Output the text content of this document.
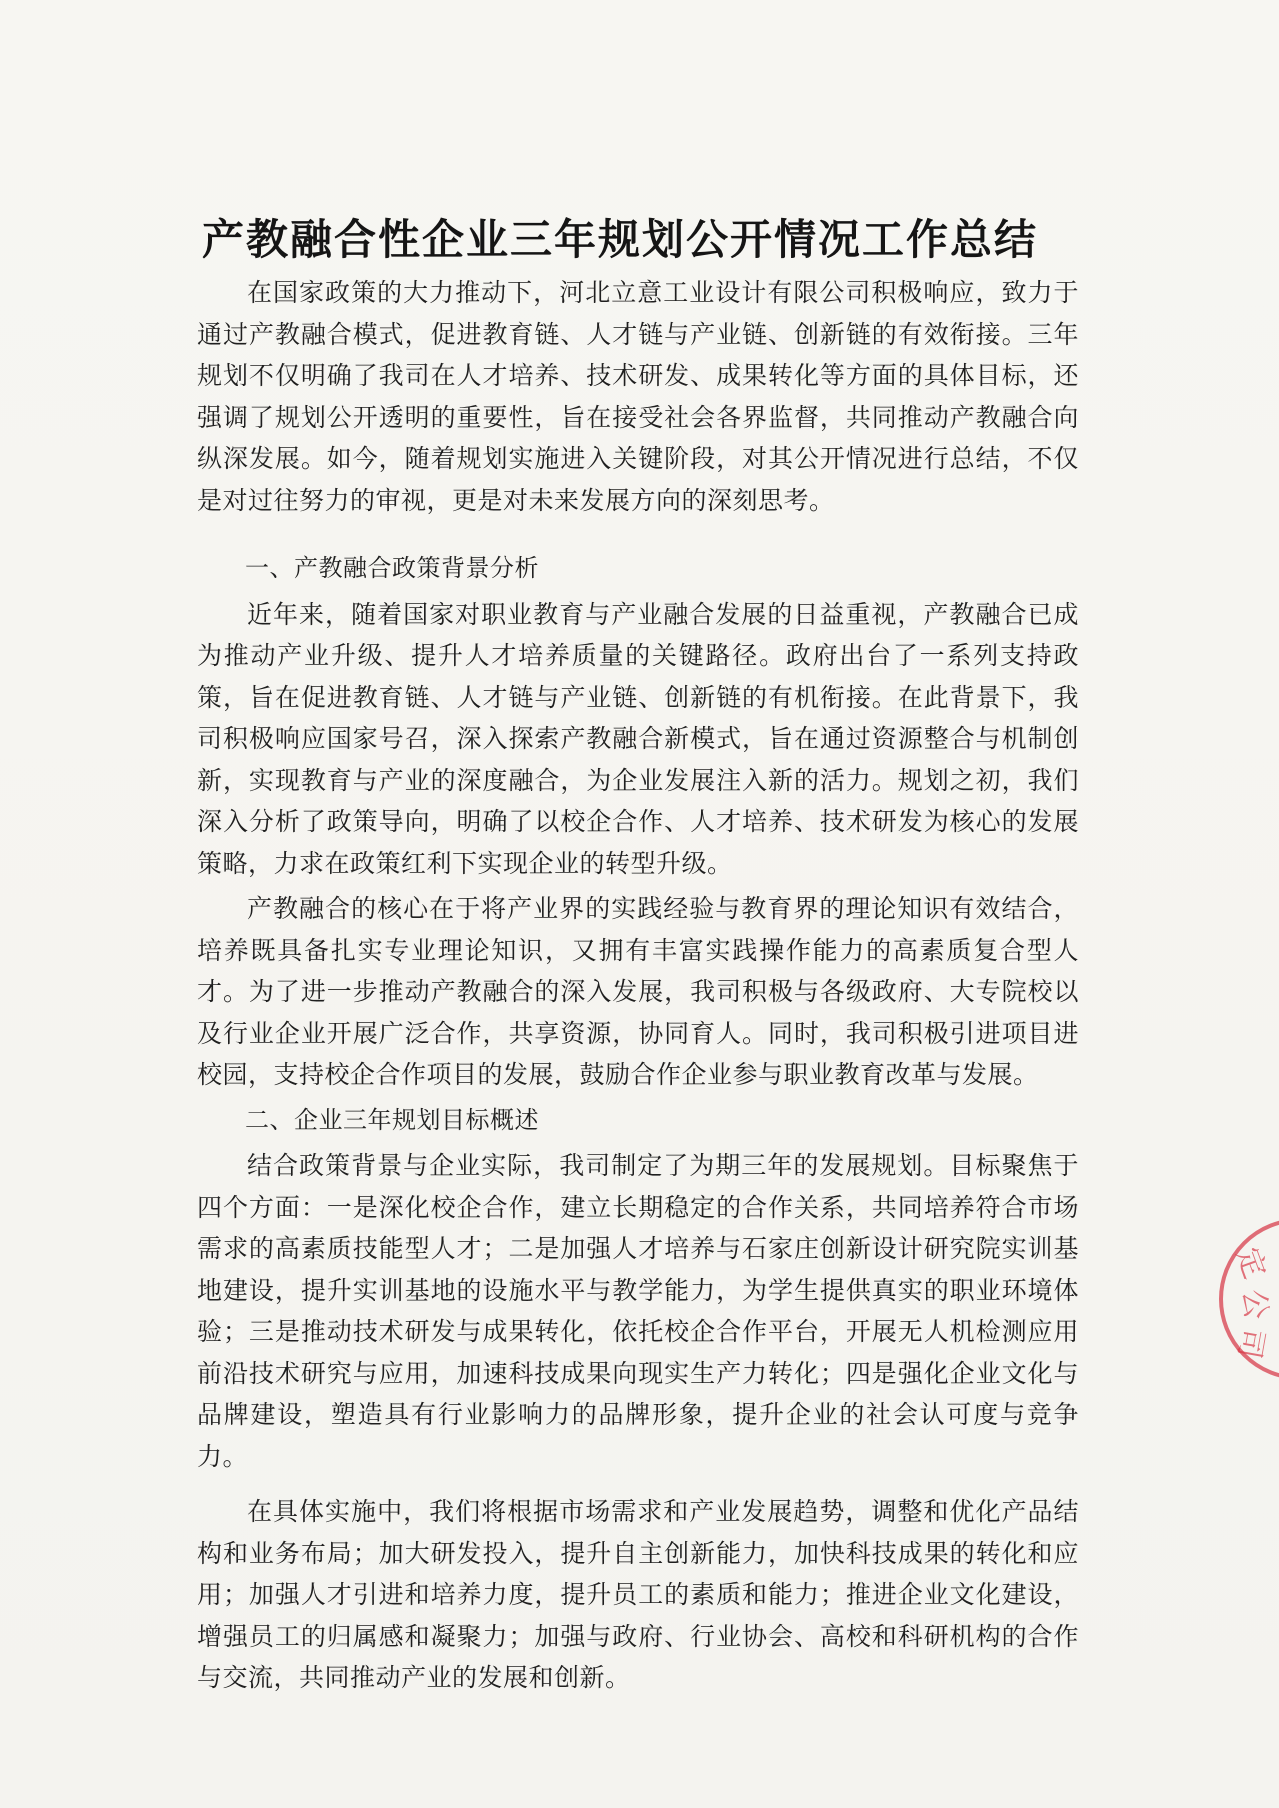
产教融合性企业三年规划公开情况工作总结

在国家政策的大力推动下，河北立意工业设计有限公司积极响应，致力于通过产教融合模式，促进教育链、人才链与产业链、创新链的有效衔接。三年规划不仅明确了我司在人才培养、技术研发、成果转化等方面的具体目标，还强调了规划公开透明的重要性，旨在接受社会各界监督，共同推动产教融合向纵深发展。如今，随着规划实施进入关键阶段，对其公开情况进行总结，不仅是对过往努力的审视，更是对未来发展方向的深刻思考。

一、产教融合政策背景分析

近年来，随着国家对职业教育与产业融合发展的日益重视，产教融合已成为推动产业升级、提升人才培养质量的关键路径。政府出台了一系列支持政策，旨在促进教育链、人才链与产业链、创新链的有机衔接。在此背景下，我司积极响应国家号召，深入探索产教融合新模式，旨在通过资源整合与机制创新，实现教育与产业的深度融合，为企业发展注入新的活力。规划之初，我们深入分析了政策导向，明确了以校企合作、人才培养、技术研发为核心的发展策略，力求在政策红利下实现企业的转型升级。

产教融合的核心在于将产业界的实践经验与教育界的理论知识有效结合，培养既具备扎实专业理论知识，又拥有丰富实践操作能力的高素质复合型人才。为了进一步推动产教融合的深入发展，我司积极与各级政府、大专院校以及行业企业开展广泛合作，共享资源，协同育人。同时，我司积极引进项目进校园，支持校企合作项目的发展，鼓励合作企业参与职业教育改革与发展。

二、企业三年规划目标概述

结合政策背景与企业实际，我司制定了为期三年的发展规划。目标聚焦于四个方面：一是深化校企合作，建立长期稳定的合作关系，共同培养符合市场需求的高素质技能型人才；二是加强人才培养与石家庄创新设计研究院实训基地建设，提升实训基地的设施水平与教学能力，为学生提供真实的职业环境体验；三是推动技术研发与成果转化，依托校企合作平台，开展无人机检测应用前沿技术研究与应用，加速科技成果向现实生产力转化；四是强化企业文化与品牌建设，塑造具有行业影响力的品牌形象，提升企业的社会认可度与竞争力。

在具体实施中，我们将根据市场需求和产业发展趋势，调整和优化产品结构和业务布局；加大研发投入，提升自主创新能力，加快科技成果的转化和应用；加强人才引进和培养力度，提升员工的素质和能力；推进企业文化建设，增强员工的归属感和凝聚力；加强与政府、行业协会、高校和科研机构的合作与交流，共同推动产业的发展和创新。

定
公
司
